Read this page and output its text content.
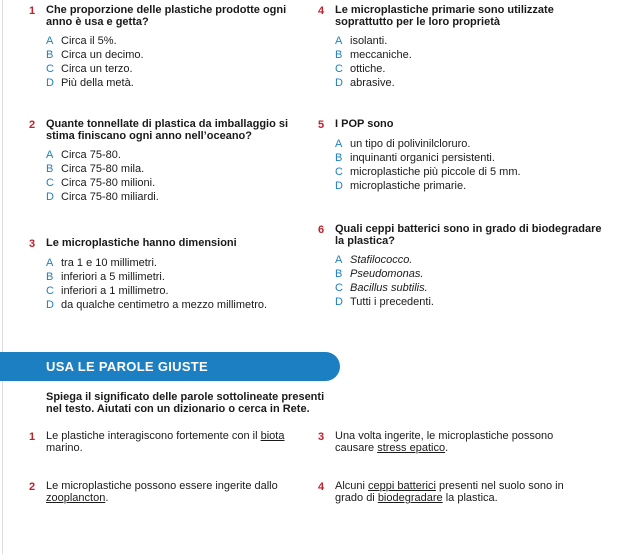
1 Che proporzione delle plastiche prodotte ogni
anno è usa e getta?
A Circa il 5%.
B Circa un decimo.
C Circa un terzo.
D Più della metà.
2 Quante tonnellate di plastica da imballaggio si
stima finiscano ogni anno nell’oceano?
A Circa 75-80.
B Circa 75-80 mila.
C Circa 75-80 milioni.
D Circa 75-80 miliardi.
3 Le microplastiche hanno dimensioni
A tra 1 e 10 millimetri.
B inferiori a 5 millimetri.
C inferiori a 1 millimetro.
D da qualche centimetro a mezzo millimetro.
4 Le microplastiche primarie sono utilizzate
soprattutto per le loro proprietà
A isolanti.
B meccaniche.
C ottiche.
D abrasive.
5 I POP sono
A un tipo di polivinilcloruro.
B inquinanti organici persistenti.
C microplastiche più piccole di 5 mm.
D microplastiche primarie.
6 Quali ceppi batterici sono in grado di biodegradare
la plastica?
A Stafilococco.
B Pseudomonas.
C Bacillus subtilis.
D Tutti i precedenti.
USA LE PAROLE GIUSTE
Spiega il significato delle parole sottolineate presenti
nel testo. Aiutati con un dizionario o cerca in Rete.
1 Le plastiche interagiscono fortemente con il biota
marino.
2 Le microplastiche possono essere ingerite dallo
zooplancton.
3 Una volta ingerite, le microplastiche possono
causare stress epatico.
4 Alcuni ceppi batterici presenti nel suolo sono in
grado di biodegradare la plastica.
